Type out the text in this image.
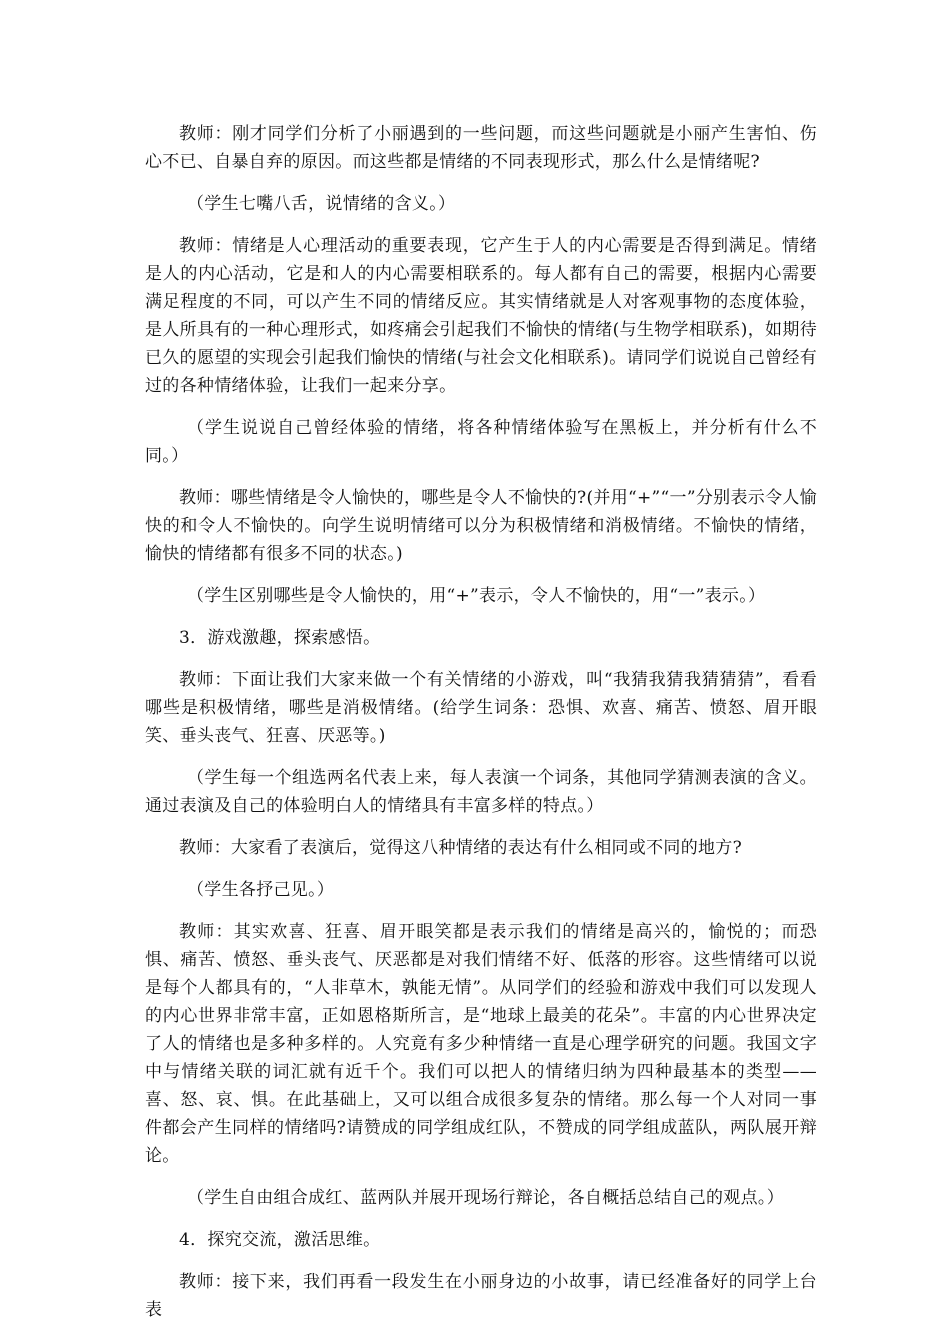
教师：刚才同学们分析了小丽遇到的一些问题，而这些问题就是小丽产生害怕、伤心不已、自暴自弃的原因。而这些都是情绪的不同表现形式，那么什么是情绪呢?

（学生七嘴八舌，说情绪的含义。）

教师：情绪是人心理活动的重要表现，它产生于人的内心需要是否得到满足。情绪是人的内心活动，它是和人的内心需要相联系的。每人都有自己的需要，根据内心需要满足程度的不同，可以产生不同的情绪反应。其实情绪就是人对客观事物的态度体验，是人所具有的一种心理形式，如疼痛会引起我们不愉快的情绪(与生物学相联系)，如期待已久的愿望的实现会引起我们愉快的情绪(与社会文化相联系)。请同学们说说自己曾经有过的各种情绪体验，让我们一起来分享。

（学生说说自己曾经体验的情绪，将各种情绪体验写在黑板上，并分析有什么不同。）

教师：哪些情绪是令人愉快的，哪些是令人不愉快的?(并用“+”“一”分别表示令人愉快的和令人不愉快的。向学生说明情绪可以分为积极情绪和消极情绪。不愉快的情绪，愉快的情绪都有很多不同的状态。)

（学生区别哪些是令人愉快的，用“+”表示，令人不愉快的，用“一”表示。）

3．游戏激趣，探索感悟。

教师：下面让我们大家来做一个有关情绪的小游戏，叫“我猜我猜我猜猜猜”，看看哪些是积极情绪，哪些是消极情绪。(给学生词条：恐惧、欢喜、痛苦、愤怒、眉开眼笑、垂头丧气、狂喜、厌恶等。)

（学生每一个组选两名代表上来，每人表演一个词条，其他同学猜测表演的含义。通过表演及自己的体验明白人的情绪具有丰富多样的特点。）

教师：大家看了表演后，觉得这八种情绪的表达有什么相同或不同的地方?

（学生各抒己见。）

教师：其实欢喜、狂喜、眉开眼笑都是表示我们的情绪是高兴的，愉悦的；而恐惧、痛苦、愤怒、垂头丧气、厌恶都是对我们情绪不好、低落的形容。这些情绪可以说是每个人都具有的，“人非草木，孰能无情”。从同学们的经验和游戏中我们可以发现人的内心世界非常丰富，正如恩格斯所言，是“地球上最美的花朵”。丰富的内心世界决定了人的情绪也是多种多样的。人究竟有多少种情绪一直是心理学研究的问题。我国文字中与情绪关联的词汇就有近千个。我们可以把人的情绪归纳为四种最基本的类型——喜、怒、哀、惧。在此基础上，又可以组合成很多复杂的情绪。那么每一个人对同一事件都会产生同样的情绪吗?请赞成的同学组成红队，不赞成的同学组成蓝队，两队展开辩论。

（学生自由组合成红、蓝两队并展开现场行辩论，各自概括总结自己的观点。）

4．探究交流，激活思维。

教师：接下来，我们再看一段发生在小丽身边的小故事，请已经准备好的同学上台表
